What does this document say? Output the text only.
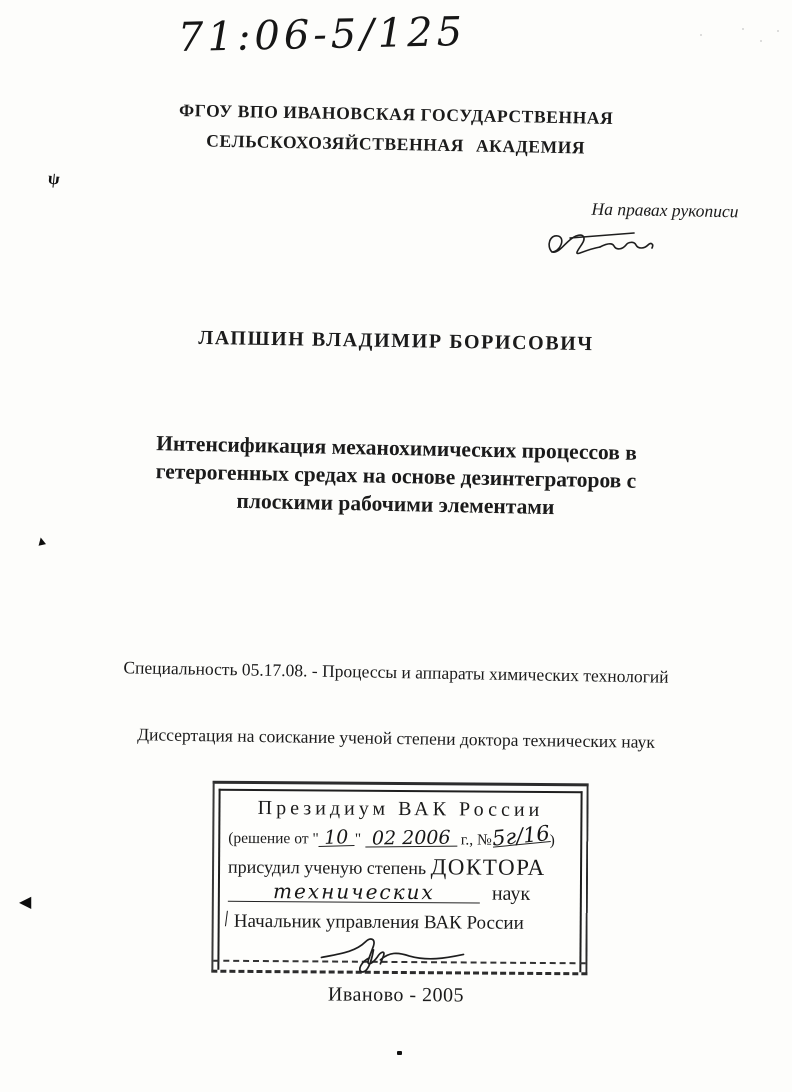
71:06-5/125
ФГОУ ВПО ИВАНОВСКАЯ ГОСУДАРСТВЕННАЯ
СЕЛЬСКОХОЗЯЙСТВЕННАЯ АКАДЕМИЯ
ψ
На правах рукописи
ЛАПШИН ВЛАДИМИР БОРИСОВИЧ
Интенсификация механохимических процессов в
гетерогенных средах на основе дезинтеграторов с
плоскими рабочими элементами
▲
Специальность 05.17.08. - Процессы и аппараты химических технологий
Диссертация на соискание ученой степени доктора технических наук
Президиум ВАК России
(решение от " 10 " 02 2006 г., №5г/16)
присудил ученую степень ДОКТОРА
технических	наук
/Начальник управления ВАК России
◀
Иваново - 2005
